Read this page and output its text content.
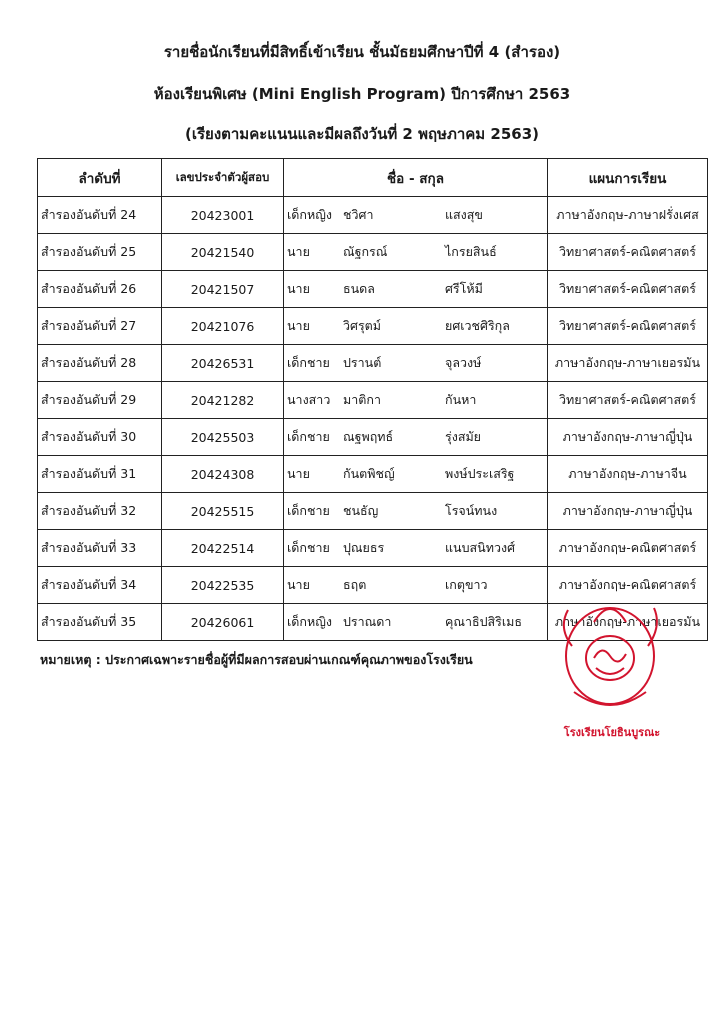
รายชื่อนักเรียนที่มีสิทธิ์เข้าเรียน ชั้นมัธยมศึกษาปีที่ 4 (สำรอง)
ห้องเรียนพิเศษ (Mini English Program) ปีการศึกษา 2563
(เรียงตามคะแนนและมีผลถึงวันที่ 2 พฤษภาคม 2563)
ลำดับที่	เลขประจำตัวผู้สอบ	ชื่อ - สกุล	แผนการเรียน
สำรองอันดับที่ 24	20423001	เด็กหญิง ชวิศา แสงสุข	ภาษาอังกฤษ-ภาษาฝรั่งเศส
สำรองอันดับที่ 25	20421540	นาย ณัฐกรณ์ ไกรยสินธ์	วิทยาศาสตร์-คณิตศาสตร์
สำรองอันดับที่ 26	20421507	นาย ธนดล ศรีโห้มี	วิทยาศาสตร์-คณิตศาสตร์
สำรองอันดับที่ 27	20421076	นาย วิศรุตม์ ยศเวชศิริกุล	วิทยาศาสตร์-คณิตศาสตร์
สำรองอันดับที่ 28	20426531	เด็กชาย ปรานต์ จุลวงษ์	ภาษาอังกฤษ-ภาษาเยอรมัน
สำรองอันดับที่ 29	20421282	นางสาว มาติกา กันหา	วิทยาศาสตร์-คณิตศาสตร์
สำรองอันดับที่ 30	20425503	เด็กชาย ณฐพฤทธ์ รุ่งสมัย	ภาษาอังกฤษ-ภาษาญี่ปุ่น
สำรองอันดับที่ 31	20424308	นาย กันตพิชญ์ พงษ์ประเสริฐ	ภาษาอังกฤษ-ภาษาจีน
สำรองอันดับที่ 32	20425515	เด็กชาย ชนธัญ โรจน์ทนง	ภาษาอังกฤษ-ภาษาญี่ปุ่น
สำรองอันดับที่ 33	20422514	เด็กชาย ปุณยธร แนบสนิทวงศ์	ภาษาอังกฤษ-คณิตศาสตร์
สำรองอันดับที่ 34	20422535	นาย ธฤต เกตุขาว	ภาษาอังกฤษ-คณิตศาสตร์
สำรองอันดับที่ 35	20426061	เด็กหญิง ปราณดา คุณาธิปสิริเมธ	ภาษาอังกฤษ-ภาษาเยอรมัน
หมายเหตุ : ประกาศเฉพาะรายชื่อผู้ที่มีผลการสอบผ่านเกณฑ์คุณภาพของโรงเรียน
โรงเรียนโยธินบูรณะ
